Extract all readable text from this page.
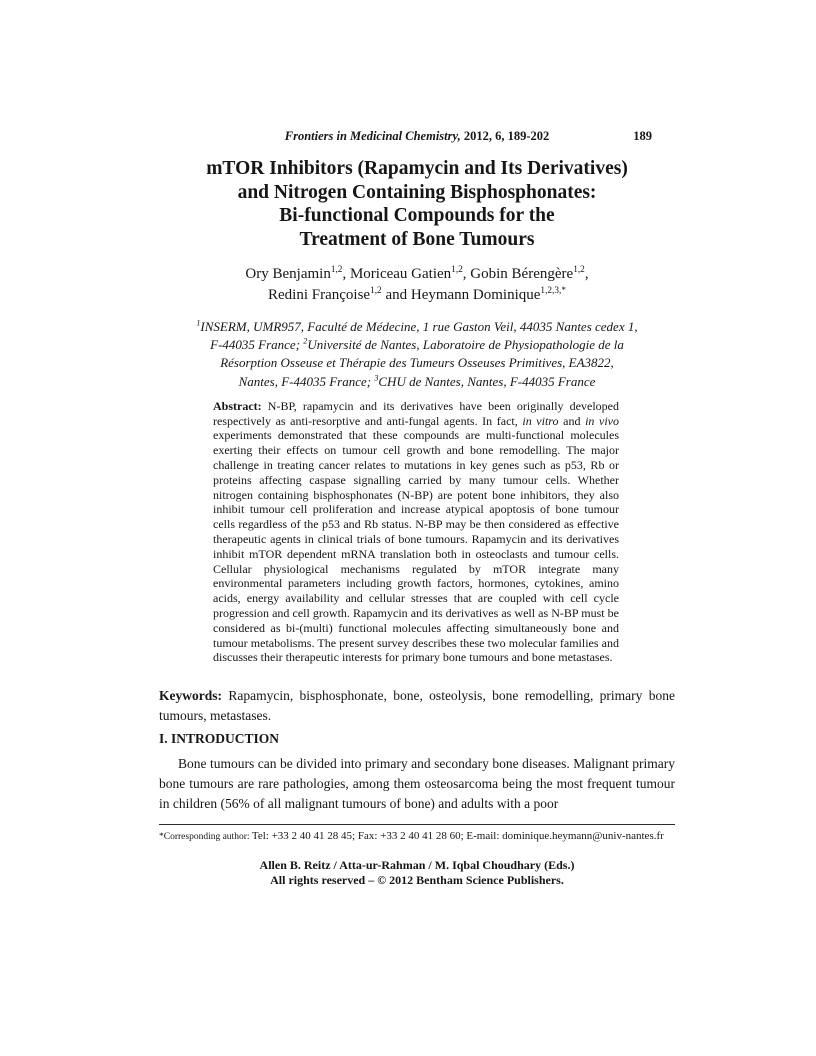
Frontiers in Medicinal Chemistry, 2012, 6, 189-202	189
mTOR Inhibitors (Rapamycin and Its Derivatives)
and Nitrogen Containing Bisphosphonates:
Bi-functional Compounds for the
Treatment of Bone Tumours
Ory Benjamin$^{1,2}$, Moriceau Gatien$^{1,2}$, Gobin Bérengère$^{1,2}$,
Redini Françoise$^{1,2}$ and Heymann Dominique$^{1,2,3,*}$
$^1$INSERM, UMR957, Faculté de Médecine, 1 rue Gaston Veil, 44035 Nantes cedex 1,
F-44035 France; $^2$Université de Nantes, Laboratoire de Physiopathologie de la
Résorption Osseuse et Thérapie des Tumeurs Osseuses Primitives, EA3822,
Nantes, F-44035 France; $^3$CHU de Nantes, Nantes, F-44035 France

Abstract: N-BP, rapamycin and its derivatives have been originally developed respectively as anti-resorptive and anti-fungal agents. In fact, in vitro and in vivo experiments demonstrated that these compounds are multi-functional molecules exerting their effects on tumour cell growth and bone remodelling. The major challenge in treating cancer relates to mutations in key genes such as p53, Rb or proteins affecting caspase signalling carried by many tumour cells. Whether nitrogen containing bisphosphonates (N-BP) are potent bone inhibitors, they also inhibit tumour cell proliferation and increase atypical apoptosis of bone tumour cells regardless of the p53 and Rb status. N-BP may be then considered as effective therapeutic agents in clinical trials of bone tumours. Rapamycin and its derivatives inhibit mTOR dependent mRNA translation both in osteoclasts and tumour cells. Cellular physiological mechanisms regulated by mTOR integrate many environmental parameters including growth factors, hormones, cytokines, amino acids, energy availability and cellular stresses that are coupled with cell cycle progression and cell growth. Rapamycin and its derivatives as well as N-BP must be considered as bi-(multi) functional molecules affecting simultaneously bone and tumour metabolisms. The present survey describes these two molecular families and discusses their therapeutic interests for primary bone tumours and bone metastases.

Keywords: Rapamycin, bisphosphonate, bone, osteolysis, bone remodelling, primary bone tumours, metastases.

I. INTRODUCTION

Bone tumours can be divided into primary and secondary bone diseases. Malignant primary bone tumours are rare pathologies, among them osteosarcoma being the most frequent tumour in children (56% of all malignant tumours of bone) and adults with a poor

*Corresponding author: Tel: +33 2 40 41 28 45; Fax: +33 2 40 41 28 60; E-mail: dominique.heymann@univ-nantes.fr
Allen B. Reitz / Atta-ur-Rahman / M. Iqbal Choudhary (Eds.)
All rights reserved – © 2012 Bentham Science Publishers.
